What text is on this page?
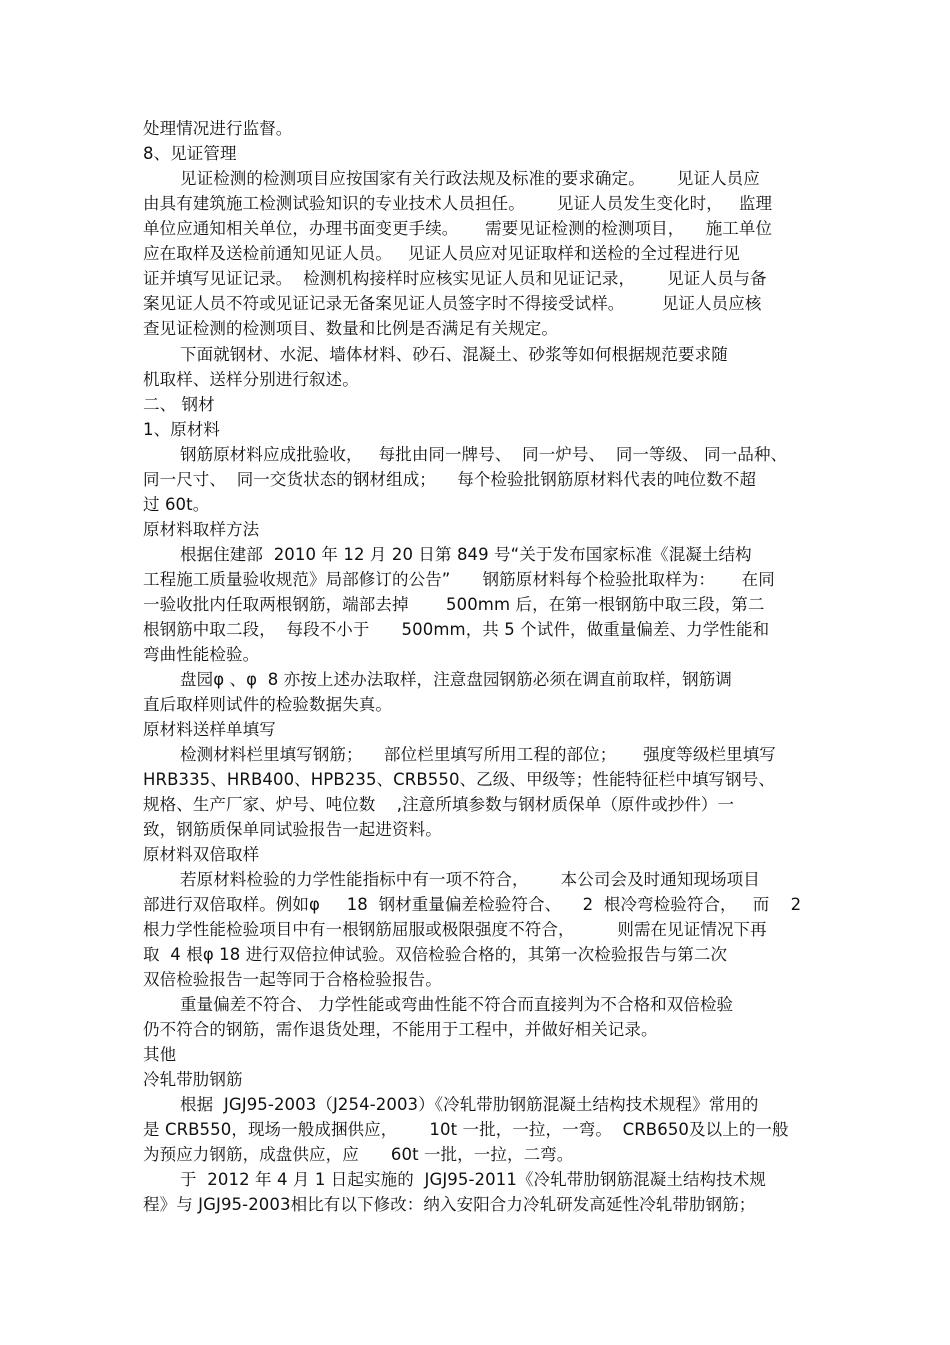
处理情况进行监督。
8、见证管理
见证检测的检测项目应按国家有关行政法规及标准的要求确定。      见证人员应
由具有建筑施工检测试验知识的专业技术人员担任。      见证人员发生变化时，   监理
单位应通知相关单位，办理书面变更手续。     需要见证检测的检测项目，    施工单位
应在取样及送检前通知见证人员。   见证人员应对见证取样和送检的全过程进行见
证并填写见证记录。  检测机构接样时应核实见证人员和见证记录，      见证人员与备
案见证人员不符或见证记录无备案见证人员签字时不得接受试样。       见证人员应核
查见证检测的检测项目、数量和比例是否满足有关规定。
下面就钢材、水泥、墙体材料、砂石、混凝土、砂浆等如何根据规范要求随
机取样、送样分别进行叙述。
二、 钢材
1、原材料
钢筋原材料应成批验收，   每批由同一牌号、  同一炉号、  同一等级、 同一品种、
同一尺寸、  同一交货状态的钢材组成；    每个检验批钢筋原材料代表的吨位数不超
过 60t。
原材料取样方法
根据住建部  2010 年 12 月 20 日第 849 号“关于发布国家标准《混凝土结构
工程施工质量验收规范》局部修订的公告”      钢筋原材料每个检验批取样为：     在同
一验收批内任取两根钢筋，端部去掉       500mm 后，在第一根钢筋中取三段，第二
根钢筋中取二段，  每段不小于      500mm，共 5 个试件，做重量偏差、力学性能和
弯曲性能检验。
盘园φ 、φ  8 亦按上述办法取样，注意盘园钢筋必须在调直前取样，钢筋调
直后取样则试件的检验数据失真。
原材料送样单填写
检测材料栏里填写钢筋；    部位栏里填写所用工程的部位；     强度等级栏里填写
HRB335、HRB400、HPB235、CRB550、乙级、甲级等；性能特征栏中填写钢号、
规格、生产厂家、炉号、吨位数    ,注意所填参数与钢材质保单（原件或抄件）一
致，钢筋质保单同试验报告一起进资料。
原材料双倍取样
若原材料检验的力学性能指标中有一项不符合，      本公司会及时通知现场项目
部进行双倍取样。例如φ     18  钢材重量偏差检验符合、    2  根冷弯检验符合，   而    2
根力学性能检验项目中有一根钢筋屈服或极限强度不符合，        则需在见证情况下再
取  4 根φ 18 进行双倍拉伸试验。双倍检验合格的，其第一次检验报告与第二次
双倍检验报告一起等同于合格检验报告。
重量偏差不符合、 力学性能或弯曲性能不符合而直接判为不合格和双倍检验
仍不符合的钢筋，需作退货处理，不能用于工程中，并做好相关记录。
其他
冷轧带肋钢筋
根据  JGJ95-2003（J254-2003）《冷轧带肋钢筋混凝土结构技术规程》常用的
是 CRB550，现场一般成捆供应，      10t 一批，一拉，一弯。  CRB650及以上的一般
为预应力钢筋，成盘供应，应      60t 一批，一拉，二弯。
于  2012 年 4 月 1 日起实施的  JGJ95-2011《冷轧带肋钢筋混凝土结构技术规
程》与 JGJ95-2003相比有以下修改：纳入安阳合力冷轧研发高延性冷轧带肋钢筋；
